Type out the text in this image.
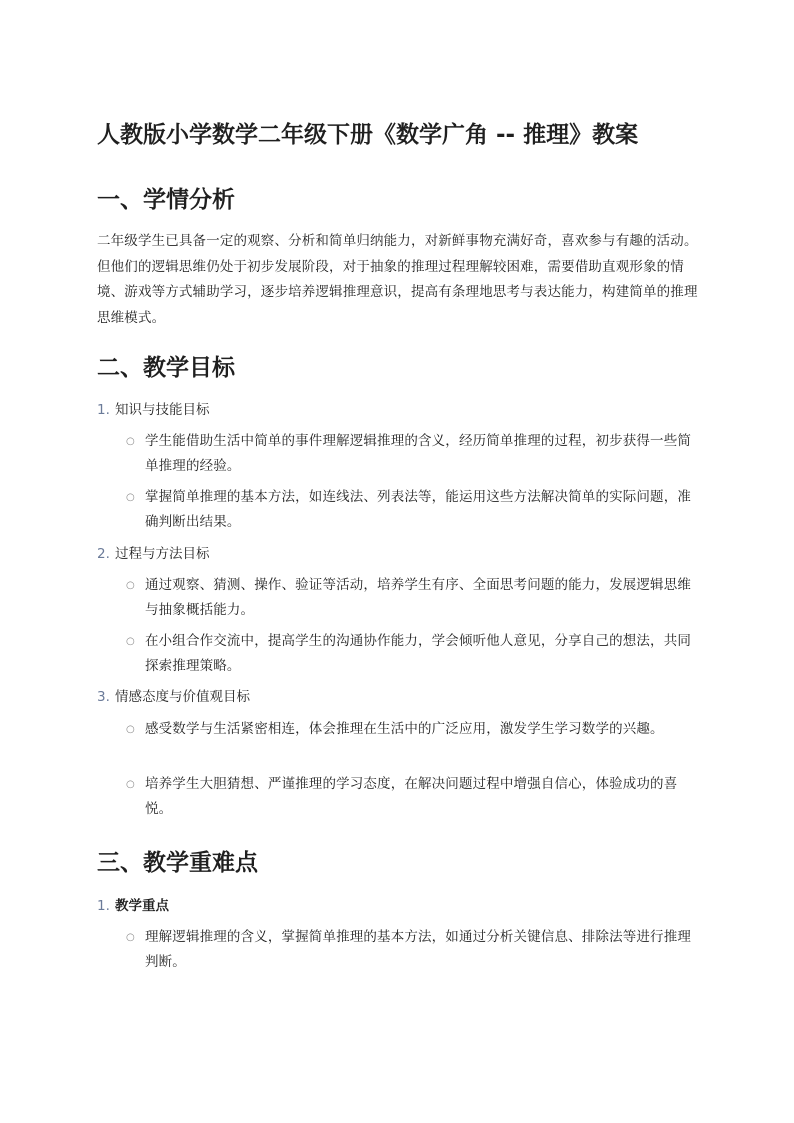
人教版小学数学二年级下册《数学广角 -- 推理》教案
一、学情分析

二年级学生已具备一定的观察、分析和简单归纳能力，对新鲜事物充满好奇，喜欢参与有趣的活动。但他们的逻辑思维仍处于初步发展阶段，对于抽象的推理过程理解较困难，需要借助直观形象的情境、游戏等方式辅助学习，逐步培养逻辑推理意识，提高有条理地思考与表达能力，构建简单的推理思维模式。

二、教学目标
1. 知识与技能目标
○ 学生能借助生活中简单的事件理解逻辑推理的含义，经历简单推理的过程，初步获得一些简单推理的经验。
○ 掌握简单推理的基本方法，如连线法、列表法等，能运用这些方法解决简单的实际问题，准确判断出结果。
2. 过程与方法目标
○ 通过观察、猜测、操作、验证等活动，培养学生有序、全面思考问题的能力，发展逻辑思维与抽象概括能力。
○ 在小组合作交流中，提高学生的沟通协作能力，学会倾听他人意见，分享自己的想法，共同探索推理策略。
3. 情感态度与价值观目标
○ 感受数学与生活紧密相连，体会推理在生活中的广泛应用，激发学生学习数学的兴趣。
○ 培养学生大胆猜想、严谨推理的学习态度，在解决问题过程中增强自信心，体验成功的喜悦。
三、教学重难点
1. 教学重点
○ 理解逻辑推理的含义，掌握简单推理的基本方法，如通过分析关键信息、排除法等进行推理判断。
